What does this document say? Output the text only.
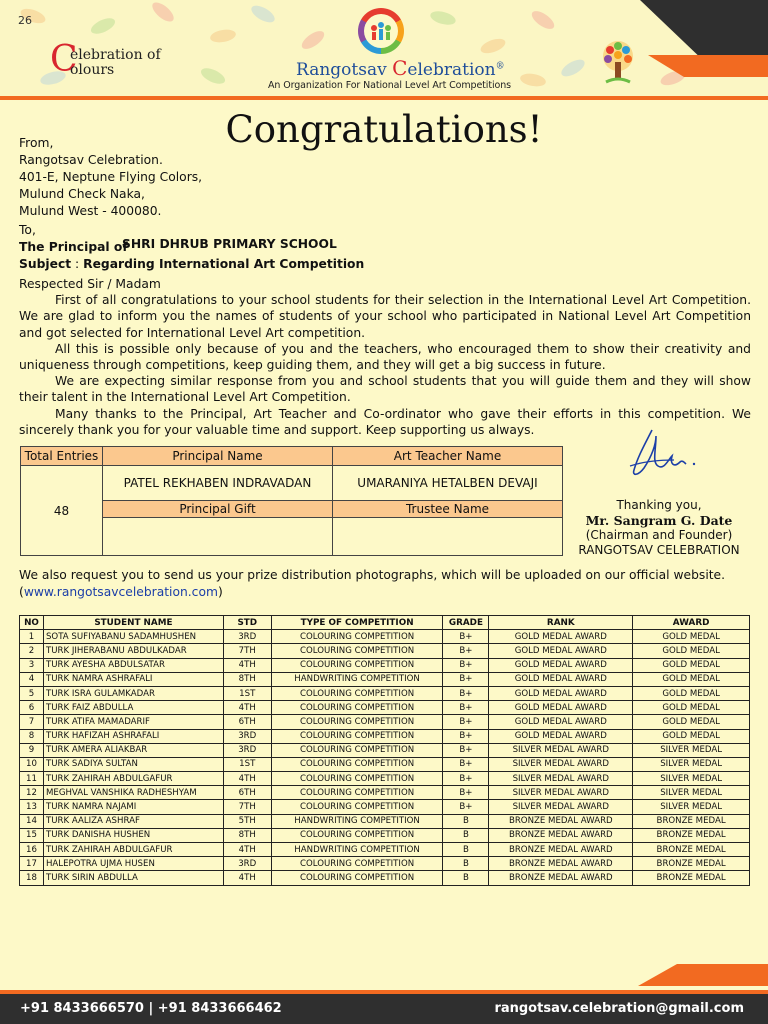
26
C
elebration of
olours	Rangotsav Celebration®
An Organization For National Level Art Competitions
Congratulations!
From,
Rangotsav Celebration.
401-E, Neptune Flying Colors,
Mulund Check Naka,
Mulund West - 400080.
To,
The Principal of
Subject : Regarding International Art Competition
SHRI DHRUB PRIMARY SCHOOL

Respected Sir / Madam

First of all congratulations to your school students for their selection in the International Level Art Competition. We are glad to inform you the names of students of your school who participated in National Level Art Competition and got selected for International Level Art competition.

All this is possible only because of you and the teachers, who encouraged them to show their creativity and uniqueness through competitions, keep guiding them, and they will get a big success in future.

We are expecting similar response from you and school students that you will guide them and they will show their talent in the International Level Art Competition.

Many thanks to the Principal, Art Teacher and Co-ordinator who gave their efforts in this competition. We sincerely thank you for your valuable time and support. Keep supporting us always.

Total Entries	Principal Name	Art Teacher Name
48	PATEL REKHABEN INDRAVADAN	UMARANIYA HETALBEN DEVAJI
	Principal Gift	Trustee Name
		Thanking you,
Mr. Sangram G. Date
(Chairman and Founder)
RANGOTSAV CELEBRATION
We also request you to send us your prize distribution photographs, which will be uploaded on our official website.
(www.rangotsavcelebration.com)
NO	STUDENT NAME	STD	TYPE OF COMPETITION	GRADE	RANK	AWARD
1	SOTA SUFIYABANU SADAMHUSHEN	3RD	COLOURING COMPETITION	B+	GOLD MEDAL AWARD	GOLD MEDAL
2	TURK JIHERABANU ABDULKADAR	7TH	COLOURING COMPETITION	B+	GOLD MEDAL AWARD	GOLD MEDAL
3	TURK AYESHA ABDULSATAR	4TH	COLOURING COMPETITION	B+	GOLD MEDAL AWARD	GOLD MEDAL
4	TURK NAMRA ASHRAFALI	8TH	HANDWRITING COMPETITION	B+	GOLD MEDAL AWARD	GOLD MEDAL
5	TURK ISRA GULAMKADAR	1ST	COLOURING COMPETITION	B+	GOLD MEDAL AWARD	GOLD MEDAL
6	TURK FAIZ ABDULLA	4TH	COLOURING COMPETITION	B+	GOLD MEDAL AWARD	GOLD MEDAL
7	TURK ATIFA MAMADARIF	6TH	COLOURING COMPETITION	B+	GOLD MEDAL AWARD	GOLD MEDAL
8	TURK HAFIZAH ASHRAFALI	3RD	COLOURING COMPETITION	B+	GOLD MEDAL AWARD	GOLD MEDAL
9	TURK AMERA ALIAKBAR	3RD	COLOURING COMPETITION	B+	SILVER MEDAL AWARD	SILVER MEDAL
10	TURK SADIYA SULTAN	1ST	COLOURING COMPETITION	B+	SILVER MEDAL AWARD	SILVER MEDAL
11	TURK ZAHIRAH ABDULGAFUR	4TH	COLOURING COMPETITION	B+	SILVER MEDAL AWARD	SILVER MEDAL
12	MEGHVAL VANSHIKA RADHESHYAM	6TH	COLOURING COMPETITION	B+	SILVER MEDAL AWARD	SILVER MEDAL
13	TURK NAMRA NAJAMI	7TH	COLOURING COMPETITION	B+	SILVER MEDAL AWARD	SILVER MEDAL
14	TURK AALIZA ASHRAF	5TH	HANDWRITING COMPETITION	B	BRONZE MEDAL AWARD	BRONZE MEDAL
15	TURK DANISHA HUSHEN	8TH	COLOURING COMPETITION	B	BRONZE MEDAL AWARD	BRONZE MEDAL
16	TURK ZAHIRAH ABDULGAFUR	4TH	HANDWRITING COMPETITION	B	BRONZE MEDAL AWARD	BRONZE MEDAL
17	HALEPOTRA UJMA HUSEN	3RD	COLOURING COMPETITION	B	BRONZE MEDAL AWARD	BRONZE MEDAL
18	TURK SIRIN ABDULLA	4TH	COLOURING COMPETITION	B	BRONZE MEDAL AWARD	BRONZE MEDAL
+91 8433666570 | +91 8433666462	rangotsav.celebration@gmail.com
